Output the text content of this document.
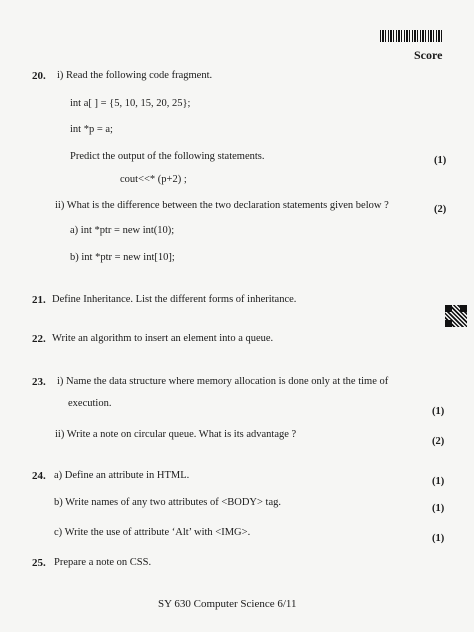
Score
20. i) Read the following code fragment.
int a[ ] = {5, 10, 15, 20, 25};
int *p = a;
Predict the output of the following statements.	(1)
cout<<* (p+2) ;
ii) What is the difference between the two declaration statements given below ?	(2)
a) int *ptr = new int(10);
b) int *ptr = new int[10];
21. Define Inheritance. List the different forms of inheritance.
22. Write an algorithm to insert an element into a queue.
23. i) Name the data structure where memory allocation is done only at the time of
execution.
(1)
ii) Write a note on circular queue. What is its advantage ?
(2)
24. a) Define an attribute in HTML.
(1)
b) Write names of any two attributes of <BODY> tag.
(1)
c) Write the use of attribute ‘Alt’ with <IMG>.
(1)
25. Prepare a note on CSS.
SY 630 Computer Science 6/11
